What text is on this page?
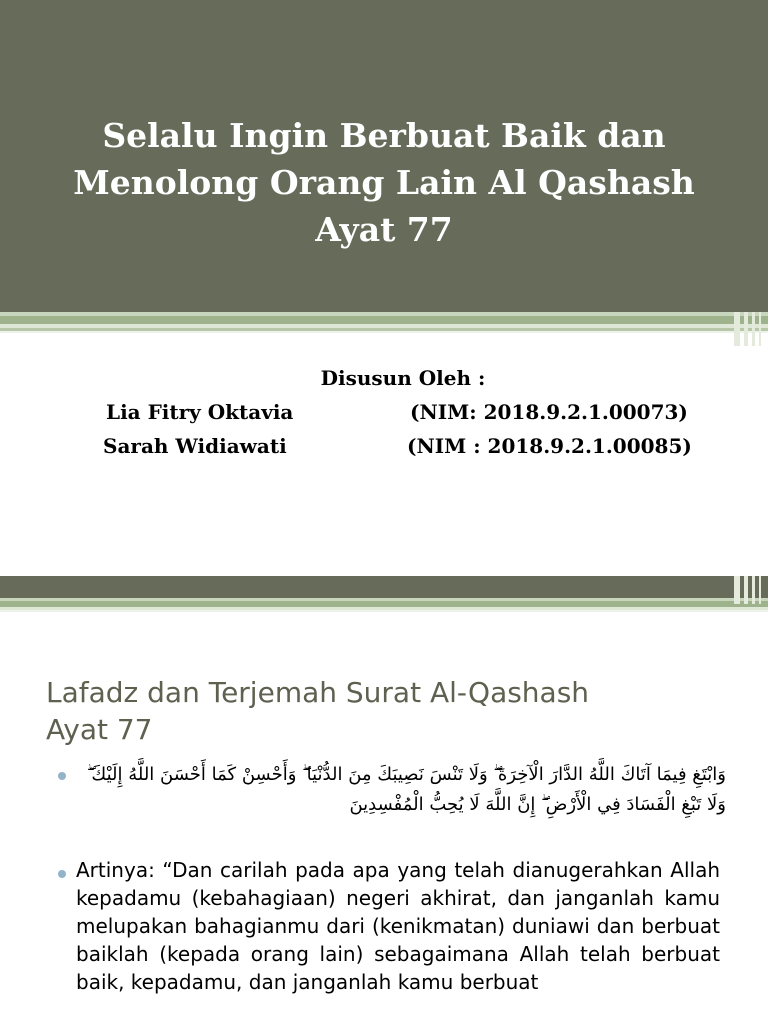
Selalu Ingin Berbuat Baik dan
Menolong Orang Lain Al Qashash
Ayat 77
Disusun Oleh :
Lia Fitry Oktavia	(NIM: 2018.9.2.1.00073)
Sarah Widiawati	(NIM : 2018.9.2.1.00085)
Lafadz dan Terjemah Surat Al-Qashash
Ayat 77

وَابْتَغِ فِيمَا آتَاكَ اللَّهُ الدَّارَ الْآخِرَةَ ۖ وَلَا تَنْسَ نَصِيبَكَ مِنَ الدُّنْيَا ۖ وَأَحْسِنْ كَمَا أَحْسَنَ اللَّهُ إِلَيْكَ ۖ وَلَا تَبْغِ الْفَسَادَ فِي الْأَرْضِ ۖ إِنَّ اللَّهَ لَا يُحِبُّ الْمُفْسِدِينَ

Artinya: “Dan carilah pada apa yang telah dianugerahkan Allah kepadamu (kebahagiaan) negeri akhirat, dan janganlah kamu melupakan bahagianmu dari (kenikmatan) duniawi dan berbuat baiklah (kepada orang lain) sebagaimana Allah telah berbuat baik, kepadamu, dan janganlah kamu berbuat
